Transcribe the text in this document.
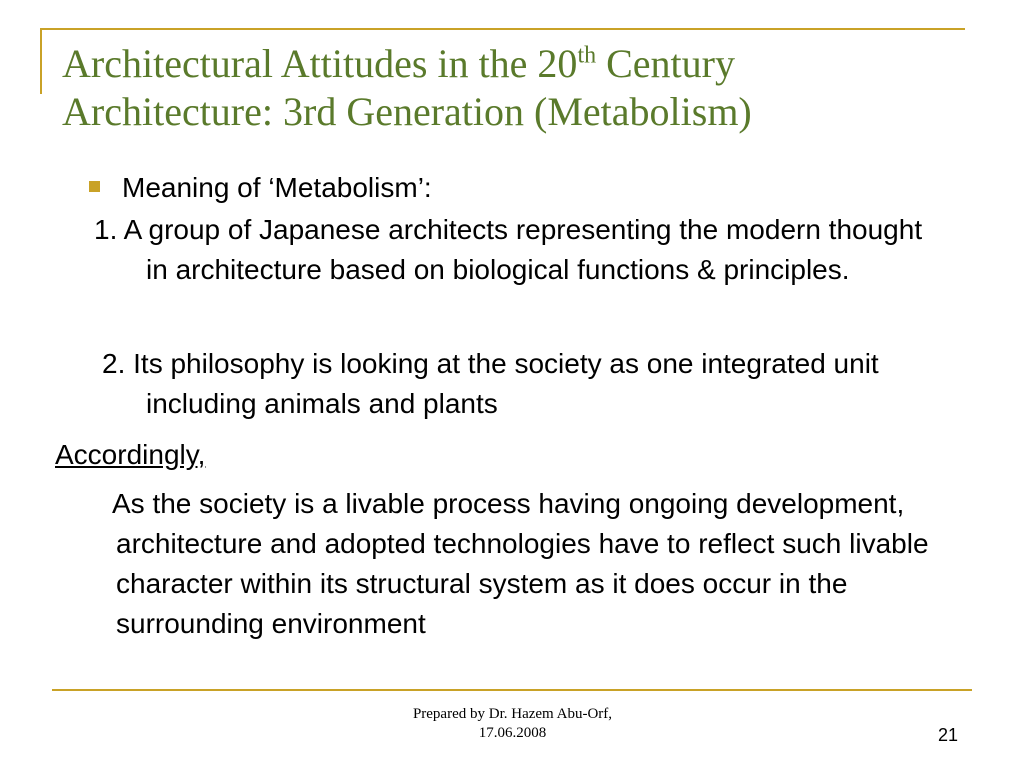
Architectural Attitudes in the 20th Century
Architecture: 3rd Generation (Metabolism)

Meaning of ‘Metabolism’:

1. A group of Japanese architects representing the modern thought in architecture based on biological functions & principles.

2. Its philosophy is looking at the society as one integrated unit including animals and plants

Accordingly,

As the society is a livable process having ongoing development, architecture and adopted technologies have to reflect such livable character within its structural system as it does occur in the surrounding environment

Prepared by Dr. Hazem Abu-Orf,
17.06.2008	21
